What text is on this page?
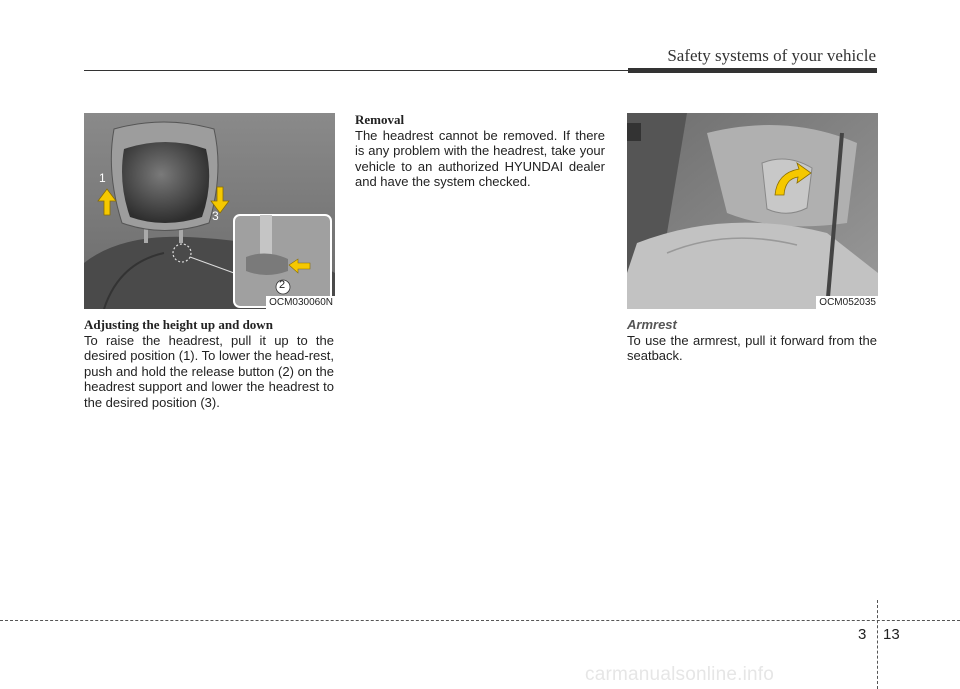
Safety systems of your vehicle
1
3
2
OCM030060N

Adjusting the height up and down

To raise the headrest, pull it up to the desired position (1). To lower the head-rest, push and hold the release button (2) on the headrest support and lower the headrest to the desired position (3).

Removal

The headrest cannot be removed. If there is any problem with the headrest, take your vehicle to an authorized HYUNDAI dealer and have the system checked.

OCM052035

Armrest

To use the armrest, pull it forward from the seatback.

3 13
carmanualsonline.info
